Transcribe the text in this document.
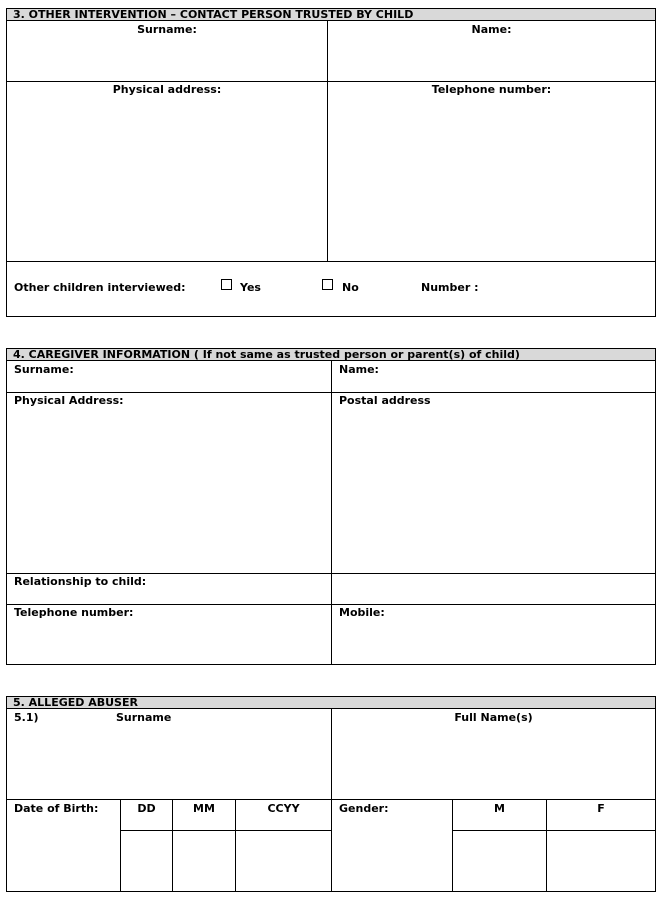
3. OTHER INTERVENTION – CONTACT PERSON TRUSTED BY CHILD
Surname:	Name:
Physical address:	Telephone number:
Other children interviewed:	Yes	No	Number :
4. CAREGIVER INFORMATION ( If not same as trusted person or parent(s) of child)
Surname:	Name:
Physical Address:	Postal address
Relationship to child:
Telephone number:	Mobile:
5. ALLEGED ABUSER
5.1)	Surname	Full Name(s)
Date of Birth:	DD	MM	CCYY	Gender:	M	F
